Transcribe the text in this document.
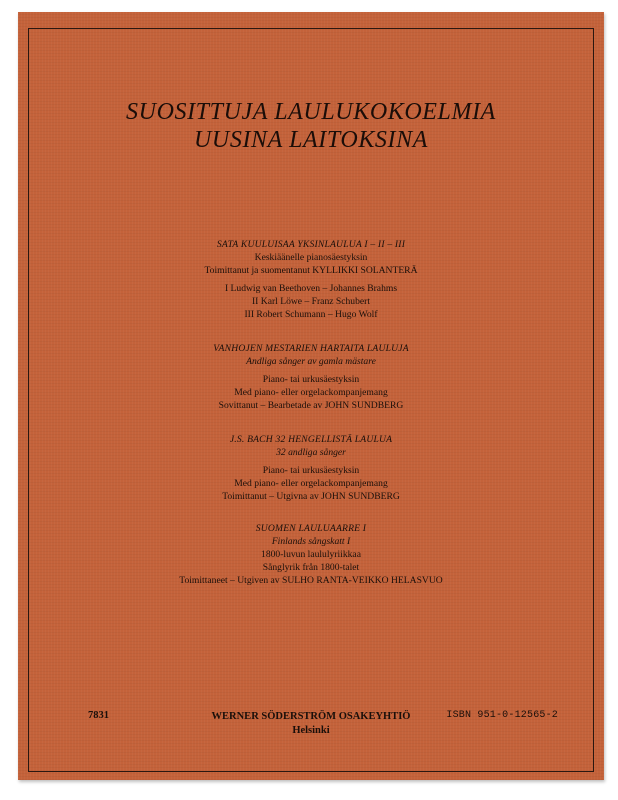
SUOSITTUJA LAULUKOKOELMIA
UUSINA LAITOKSINA
SATA KUULUISAA YKSINLAULUA I – II – III
Keskiäänelle pianosäestyksin
Toimittanut ja suomentanut KYLLIKKI SOLANTERÄ
I Ludwig van Beethoven – Johannes Brahms
II Karl Löwe – Franz Schubert
III Robert Schumann – Hugo Wolf
VANHOJEN MESTARIEN HARTAITA LAULUJA
Andliga sånger av gamla mästare
Piano- tai urkusäestyksin
Med piano- eller orgelackompanjemang
Sovittanut – Bearbetade av JOHN SUNDBERG
J.S. BACH 32 HENGELLISTÄ LAULUA
32 andliga sånger
Piano- tai urkusäestyksin
Med piano- eller orgelackompanjemang
Toimittanut – Utgivna av JOHN SUNDBERG
SUOMEN LAULUAARRE I
Finlands sångskatt I
1800-luvun laululyriikkaa
Sånglyrik från 1800-talet
Toimittaneet – Utgiven av SULHO RANTA-VEIKKO HELASVUO
7831	WERNER SÖDERSTRÖM OSAKEYHTIÖ
Helsinki
ISBN 951-0-12565-2
